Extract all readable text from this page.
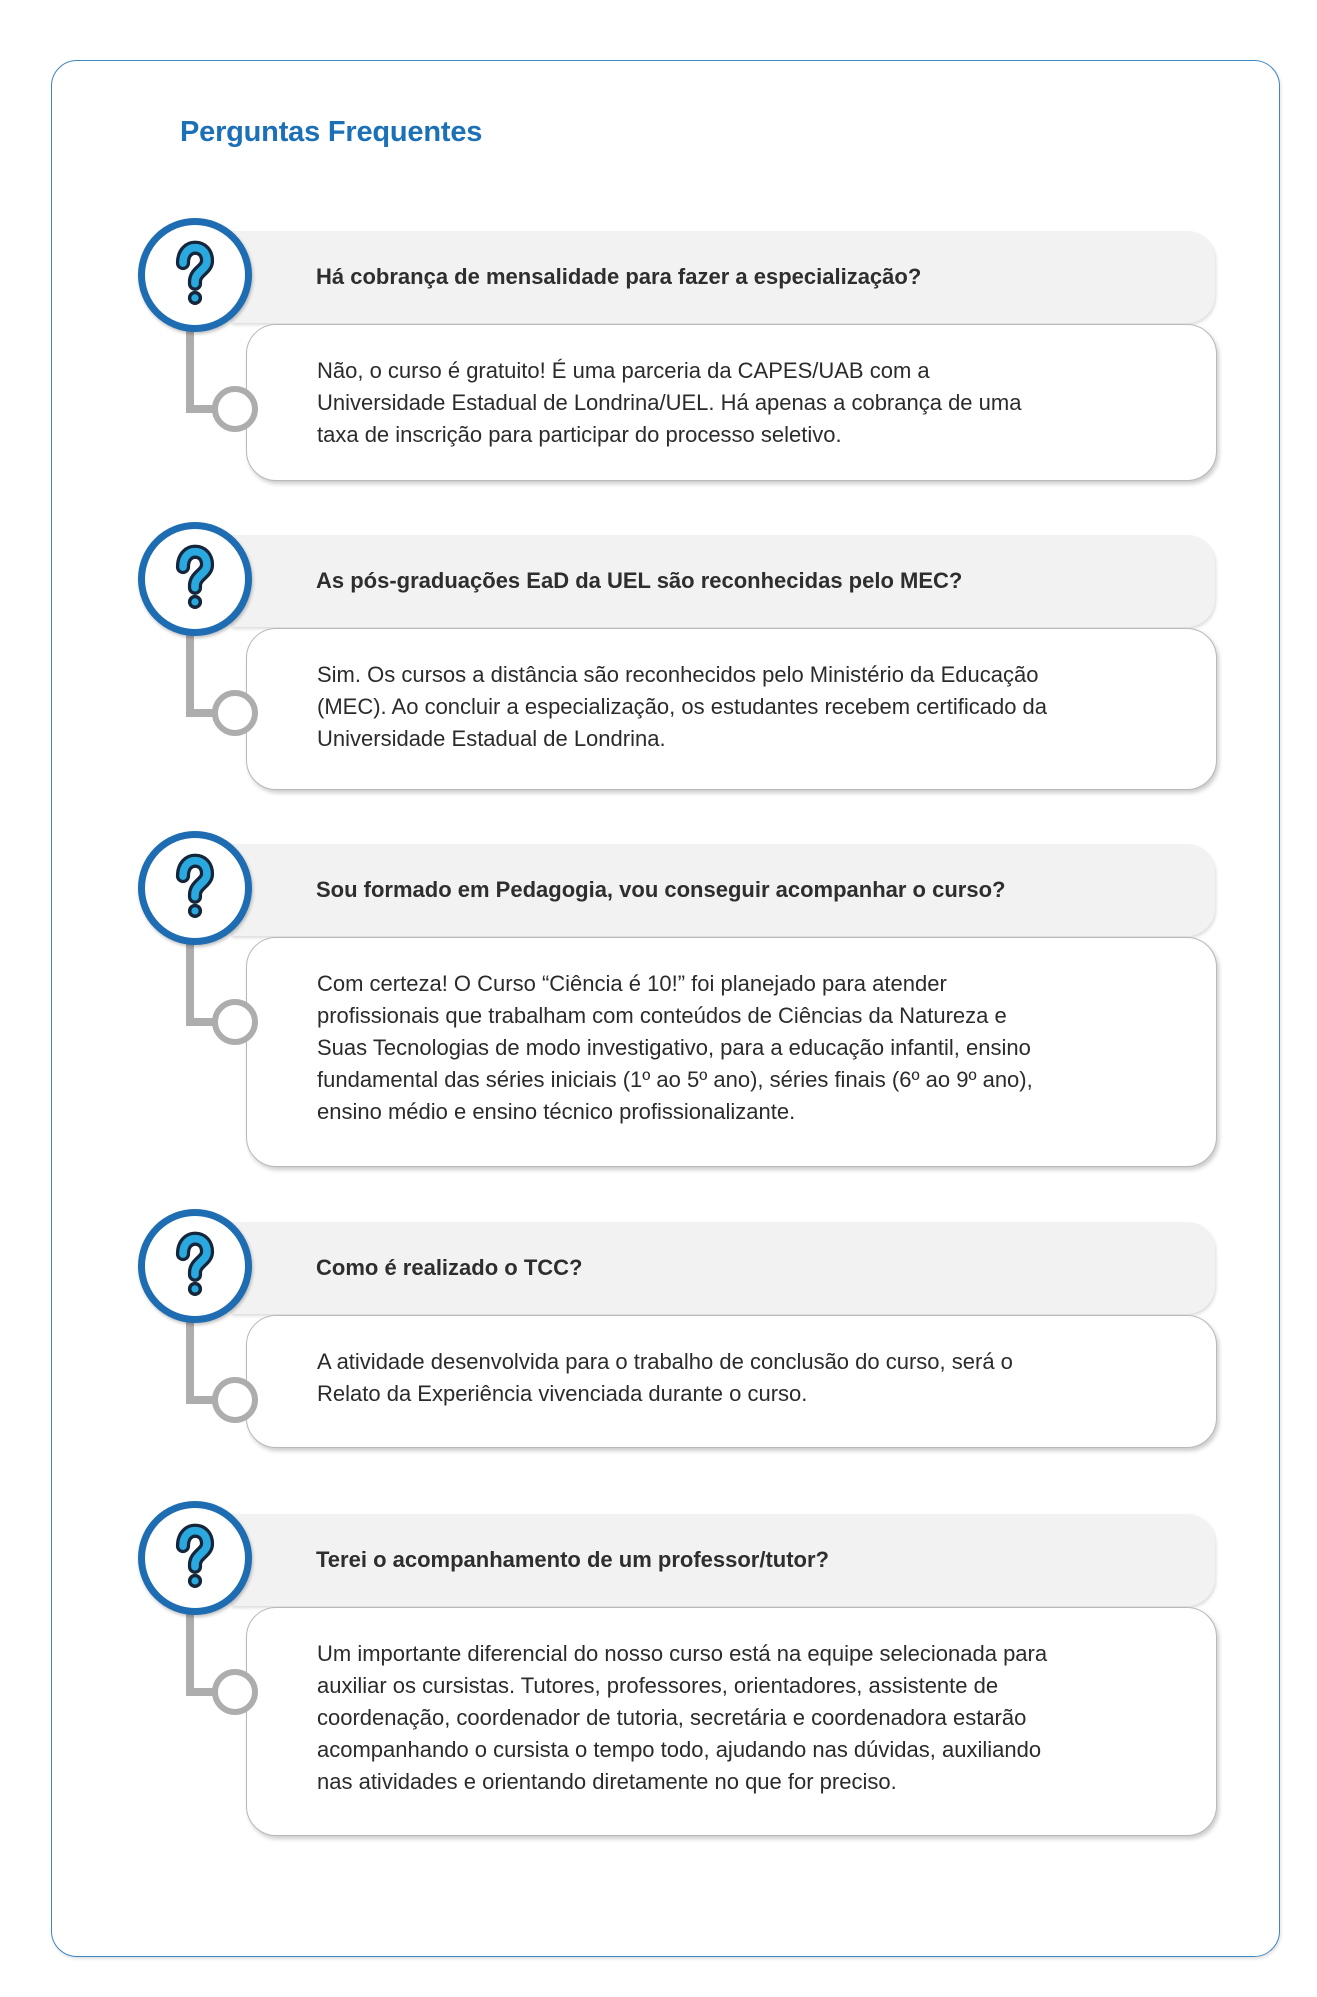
Perguntas Frequentes
Há cobrança de mensalidade para fazer a especialização?
Não, o curso é gratuito! É uma parceria da CAPES/UAB com a
Universidade Estadual de Londrina/UEL. Há apenas a cobrança de uma
taxa de inscrição para participar do processo seletivo.
As pós-graduações EaD da UEL são reconhecidas pelo MEC?
Sim. Os cursos a distância são reconhecidos pelo Ministério da Educação
(MEC). Ao concluir a especialização, os estudantes recebem certificado da
Universidade Estadual de Londrina.
Sou formado em Pedagogia, vou conseguir acompanhar o curso?
Com certeza! O Curso “Ciência é 10!” foi planejado para atender
profissionais que trabalham com conteúdos de Ciências da Natureza e
Suas Tecnologias de modo investigativo, para a educação infantil, ensino
fundamental das séries iniciais (1º ao 5º ano), séries finais (6º ao 9º ano),
ensino médio e ensino técnico profissionalizante.
Como é realizado o TCC?
A atividade desenvolvida para o trabalho de conclusão do curso, será o
Relato da Experiência vivenciada durante o curso.
Terei o acompanhamento de um professor/tutor?
Um importante diferencial do nosso curso está na equipe selecionada para
auxiliar os cursistas. Tutores, professores, orientadores, assistente de
coordenação, coordenador de tutoria, secretária e coordenadora estarão
acompanhando o cursista o tempo todo, ajudando nas dúvidas, auxiliando
nas atividades e orientando diretamente no que for preciso.
